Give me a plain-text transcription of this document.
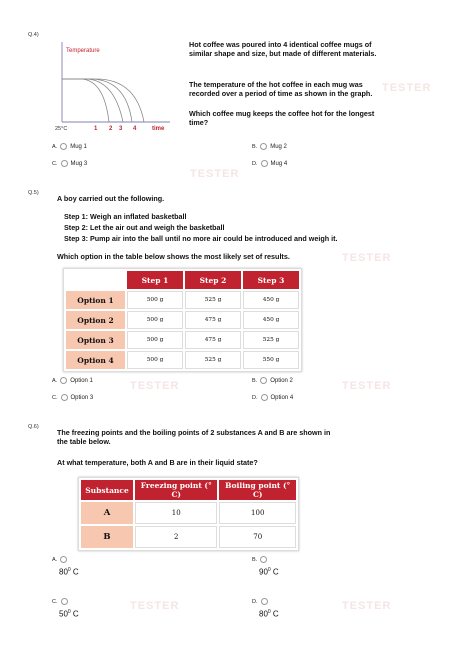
TESTER
TESTER
TESTER
TESTER	TESTER
TESTER	TESTER
Q.4)
Temperature
25°C	1 2 3 4	time
Hot coffee was poured into 4 identical coffee mugs of similar shape and size, but made of different materials.
The temperature of the hot coffee in each mug was recorded over a period of time as shown in the graph.
Which coffee mug keeps the coffee hot for the longest time?
A. Mug 1	B. Mug 2
C. Mug 3	D. Mug 4
Q.5)
A boy carried out the following.
Step 1: Weigh an inflated basketball
Step 2: Let the air out and weigh the basketball
Step 3: Pump air into the ball until no more air could be introduced and weigh it.
Which option in the table below shows the most likely set of results.
	Step 1	Step 2	Step 3
Option 1	500 g	525 g	450 g
Option 2	500 g	475 g	450 g
Option 3	500 g	475 g	525 g
Option 4	500 g	525 g	550 g
A. Option 1	B. Option 2
C. Option 3	D. Option 4
Q.6)
The freezing points and the boiling points of 2 substances A and B are shown in the table below.
At what temperature, both A and B are in their liquid state?
Substance	Freezing point (° C)	Boiling point (° C)
A	10	100
B	2	70
A.
$80^0$ C
B.
$90^0$ C
C.
$50^0$ C
D.
$80^0$ C
